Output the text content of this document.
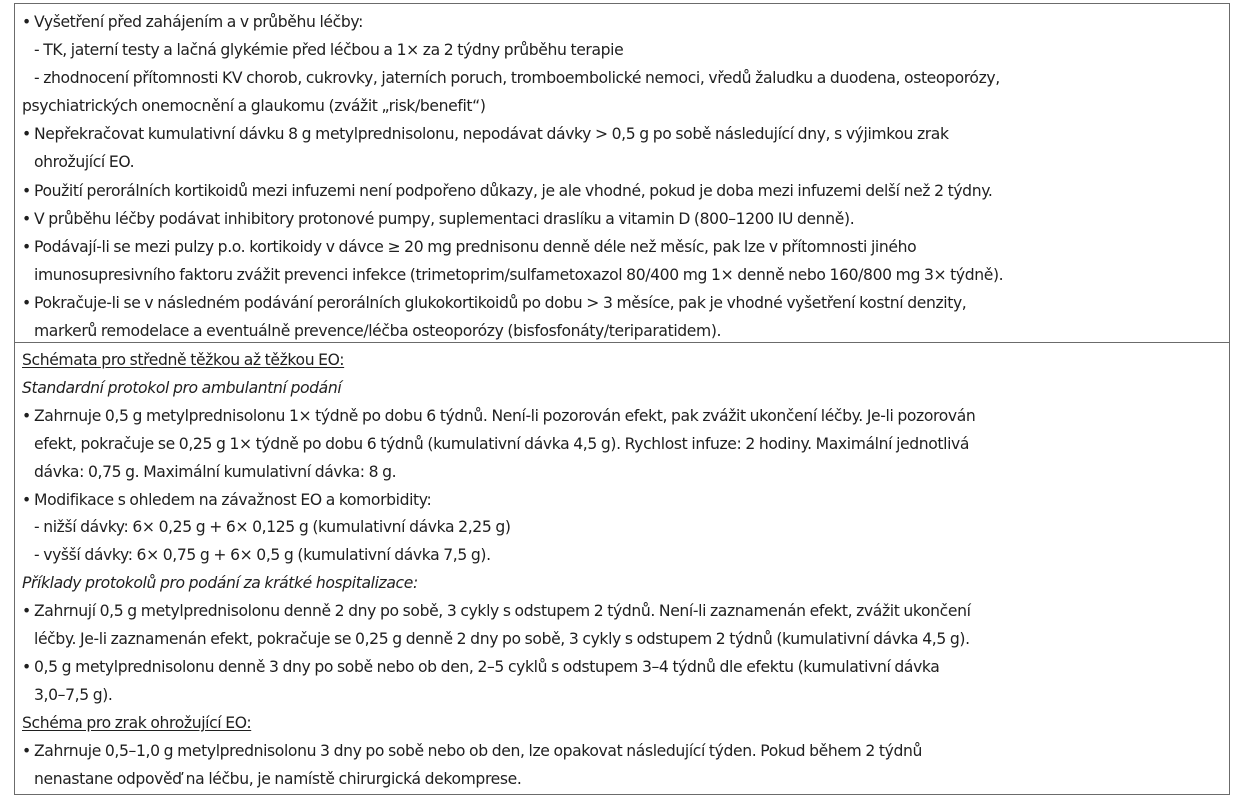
• Vyšetření před zahájením a v průběhu léčby:
- TK, jaterní testy a lačná glykémie před léčbou a 1× za 2 týdny průběhu terapie
- zhodnocení přítomnosti KV chorob, cukrovky, jaterních poruch, tromboembolické nemoci, vředů žaludku a duodena, osteoporózy,
psychiatrických onemocnění a glaukomu (zvážit „risk/benefit“)
• Nepřekračovat kumulativní dávku 8 g metylprednisolonu, nepodávat dávky > 0,5 g po sobě následující dny, s výjimkou zrak
ohrožující EO.
• Použití perorálních kortikoidů mezi infuzemi není podpořeno důkazy, je ale vhodné, pokud je doba mezi infuzemi delší než 2 týdny.
• V průběhu léčby podávat inhibitory protonové pumpy, suplementaci draslíku a vitamin D (800–1200 IU denně).
• Podávají-li se mezi pulzy p.o. kortikoidy v dávce ≥ 20 mg prednisonu denně déle než měsíc, pak lze v přítomnosti jiného
imunosupresivního faktoru zvážit prevenci infekce (trimetoprim/sulfametoxazol 80/400 mg 1× denně nebo 160/800 mg 3× týdně).
• Pokračuje-li se v následném podávání perorálních glukokortikoidů po dobu > 3 měsíce, pak je vhodné vyšetření kostní denzity,
markerů remodelace a eventuálně prevence/léčba osteoporózy (bisfosfonáty/teriparatidem).
Schémata pro středně těžkou až těžkou EO:
Standardní protokol pro ambulantní podání
• Zahrnuje 0,5 g metylprednisolonu 1× týdně po dobu 6 týdnů. Není-li pozorován efekt, pak zvážit ukončení léčby. Je-li pozorován
efekt, pokračuje se 0,25 g 1× týdně po dobu 6 týdnů (kumulativní dávka 4,5 g). Rychlost infuze: 2 hodiny. Maximální jednotlivá
dávka: 0,75 g. Maximální kumulativní dávka: 8 g.
• Modifikace s ohledem na závažnost EO a komorbidity:
- nižší dávky: 6× 0,25 g + 6× 0,125 g (kumulativní dávka 2,25 g)
- vyšší dávky: 6× 0,75 g + 6× 0,5 g (kumulativní dávka 7,5 g).
Příklady protokolů pro podání za krátké hospitalizace:
• Zahrnují 0,5 g metylprednisolonu denně 2 dny po sobě, 3 cykly s odstupem 2 týdnů. Není-li zaznamenán efekt, zvážit ukončení
léčby. Je-li zaznamenán efekt, pokračuje se 0,25 g denně 2 dny po sobě, 3 cykly s odstupem 2 týdnů (kumulativní dávka 4,5 g).
• 0,5 g metylprednisolonu denně 3 dny po sobě nebo ob den, 2–5 cyklů s odstupem 3–4 týdnů dle efektu (kumulativní dávka
3,0–7,5 g).
Schéma pro zrak ohrožující EO:
• Zahrnuje 0,5–1,0 g metylprednisolonu 3 dny po sobě nebo ob den, lze opakovat následující týden. Pokud během 2 týdnů
nenastane odpověď na léčbu, je namístě chirurgická dekomprese.
